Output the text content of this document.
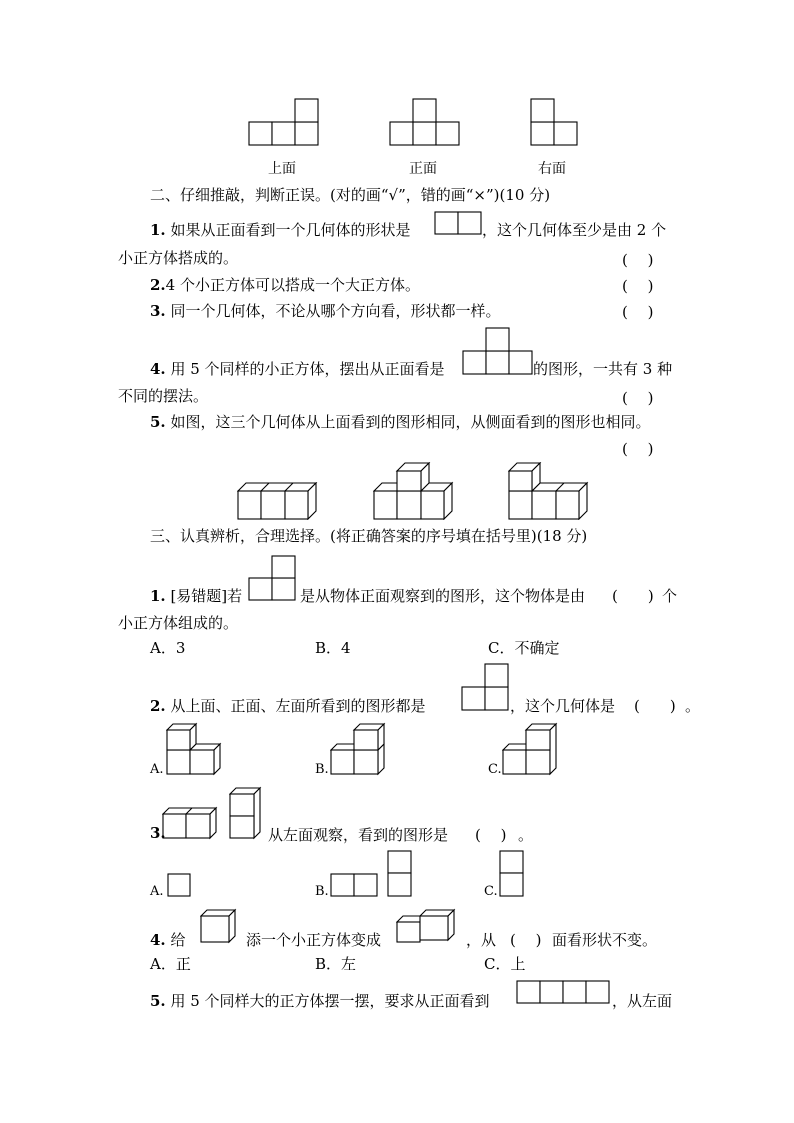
上面	正面	右面
二、仔细推敲，判断正误。(对的画“√”，错的画“×”)(10 分)
1. 如果从正面看到一个几何体的形状是	，这个几何体至少是由 2 个
小正方体搭成的。	(　 )
2.4 个小正方体可以搭成一个大正方体。	(　 )
3. 同一个几何体，不论从哪个方向看，形状都一样。	(　 )
4. 用 5 个同样的小正方体，摆出从正面看是	的图形，一共有 3 种
不同的摆法。	(　 )
5. 如图，这三个几何体从上面看到的图形相同，从侧面看到的图形也相同。
(　 )
三、认真辨析，合理选择。(将正确答案的序号填在括号里)(18 分)
1. [易错题]若	是从物体正面观察到的图形，这个物体是由 (　　) 个
小正方体组成的。
A．3	B．4	C．不确定
2. 从上面、正面、左面所看到的图形都是	，这个几何体是 (　　) 。
A.	B.	C.
3.	从左面观察，看到的图形是 (　 ) 。
A.	B.	C.
4. 给	添一个小正方体变成	，从 (　 ) 面看形状不变。
A．正	B．左	C．上
5. 用 5 个同样大的正方体摆一摆，要求从正面看到	，从左面
